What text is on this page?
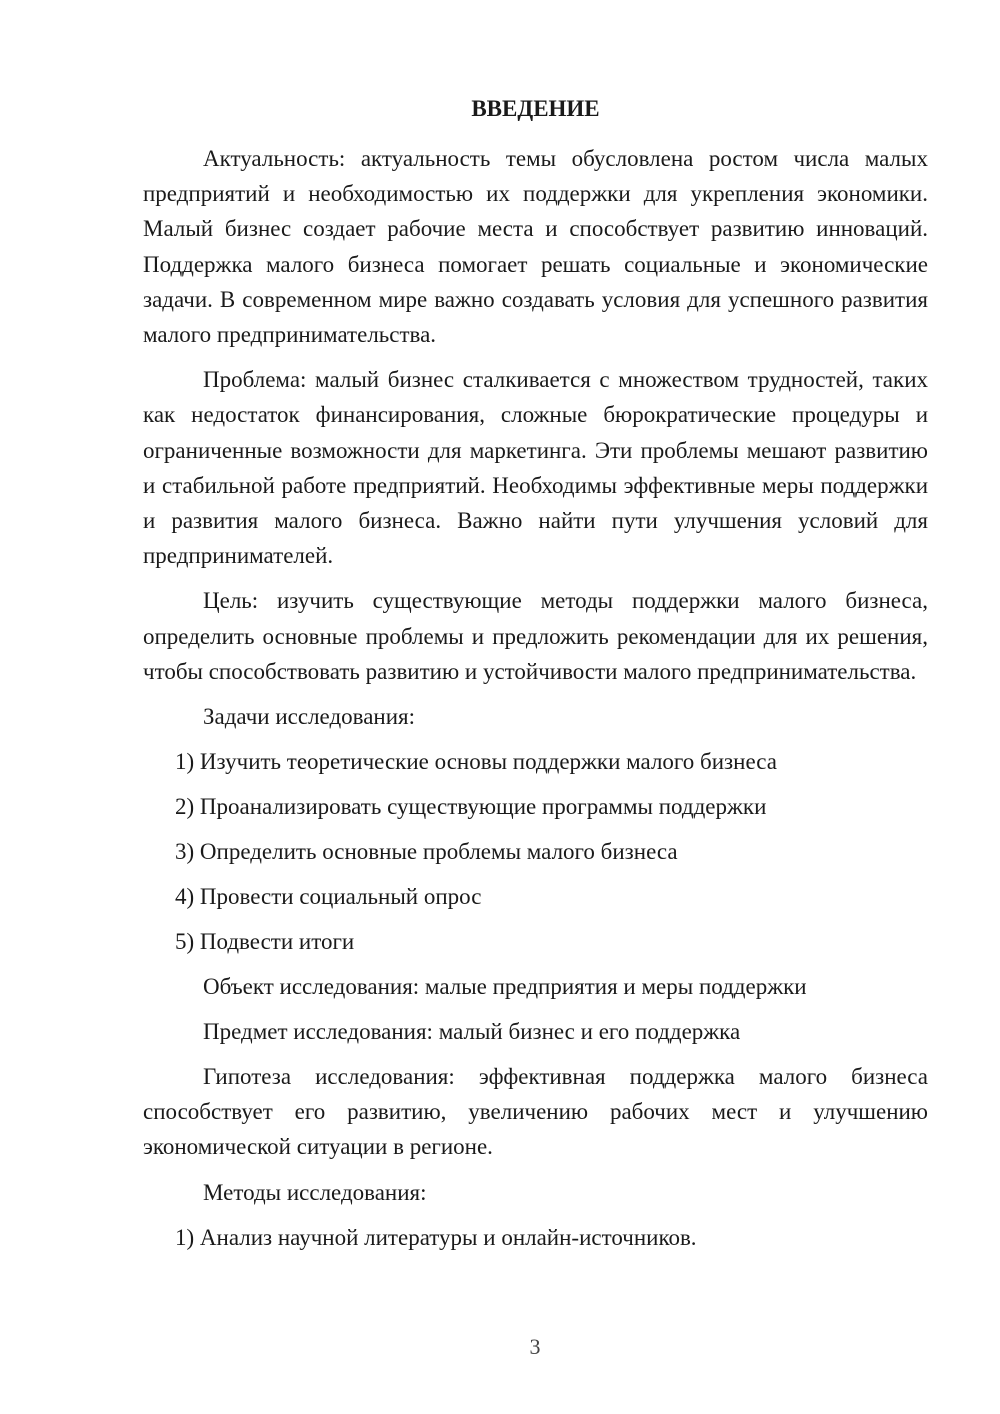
ВВЕДЕНИЕ

Актуальность: актуальность темы обусловлена ростом числа малых предприятий и необходимостью их поддержки для укрепления экономики. Малый бизнес создает рабочие места и способствует развитию инноваций. Поддержка малого бизнеса помогает решать социальные и экономические задачи. В современном мире важно создавать условия для успешного развития малого предпринимательства.

Проблема: малый бизнес сталкивается с множеством трудностей, таких как недостаток финансирования, сложные бюрократические процедуры и ограниченные возможности для маркетинга. Эти проблемы мешают развитию и стабильной работе предприятий. Необходимы эффективные меры поддержки и развития малого бизнеса. Важно найти пути улучшения условий для предпринимателей.

Цель: изучить существующие методы поддержки малого бизнеса, определить основные проблемы и предложить рекомендации для их решения, чтобы способствовать развитию и устойчивости малого предпринимательства.

Задачи исследования:

1) Изучить теоретические основы поддержки малого бизнеса
2) Проанализировать существующие программы поддержки
3) Определить основные проблемы малого бизнеса
4) Провести социальный опрос
5) Подвести итоги

Объект исследования: малые предприятия и меры поддержки

Предмет исследования: малый бизнес и его поддержка

Гипотеза исследования: эффективная поддержка малого бизнеса способствует его развитию, увеличению рабочих мест и улучшению экономической ситуации в регионе.

Методы исследования:

1) Анализ научной литературы и онлайн-источников.
3
